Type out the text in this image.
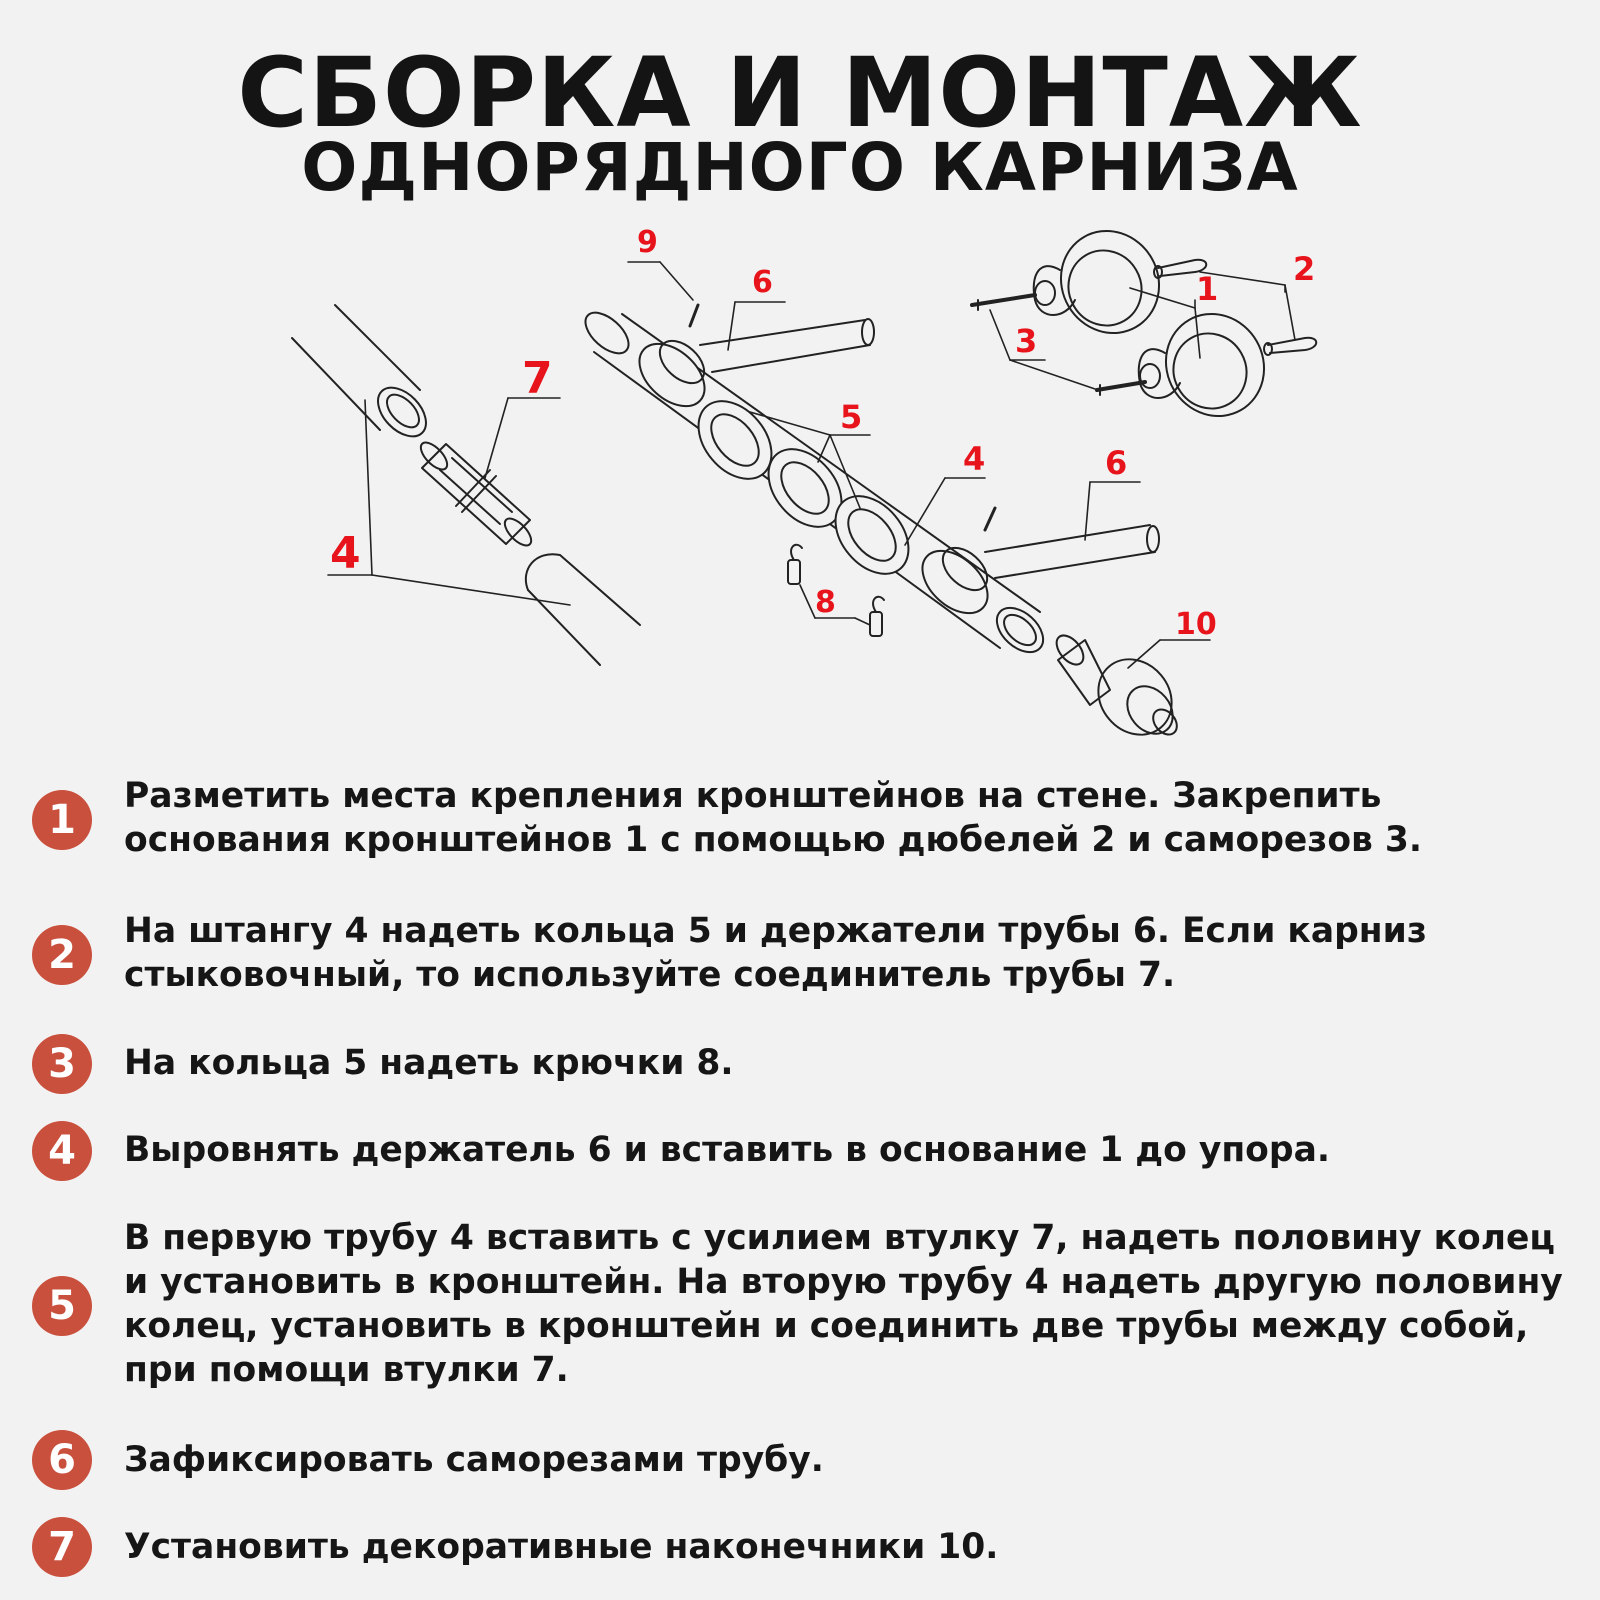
СБОРКА И МОНТАЖ
ОДНОРЯДНОГО КАРНИЗА
9
6
7
4
5
4	6
8
10
1
2
3
1

Разметить места крепления кронштейнов на стене. Закрепить основания кронштейнов 1 с помощью дюбелей 2 и саморезов 3.

2

На штангу 4 надеть кольца 5 и держатели трубы 6. Если карниз стыковочный, то используйте соединитель трубы 7.

3	На кольца 5 надеть крючки 8.

4	Выровнять держатель 6 и вставить в основание 1 до упора.

5

В первую трубу 4 вставить с усилием втулку 7, надеть половину колец и установить в кронштейн. На вторую трубу 4 надеть другую половину колец, установить в кронштейн и соединить две трубы между собой, при помощи втулки 7.

6	Зафиксировать саморезами трубу.

7	Установить декоративные наконечники 10.
